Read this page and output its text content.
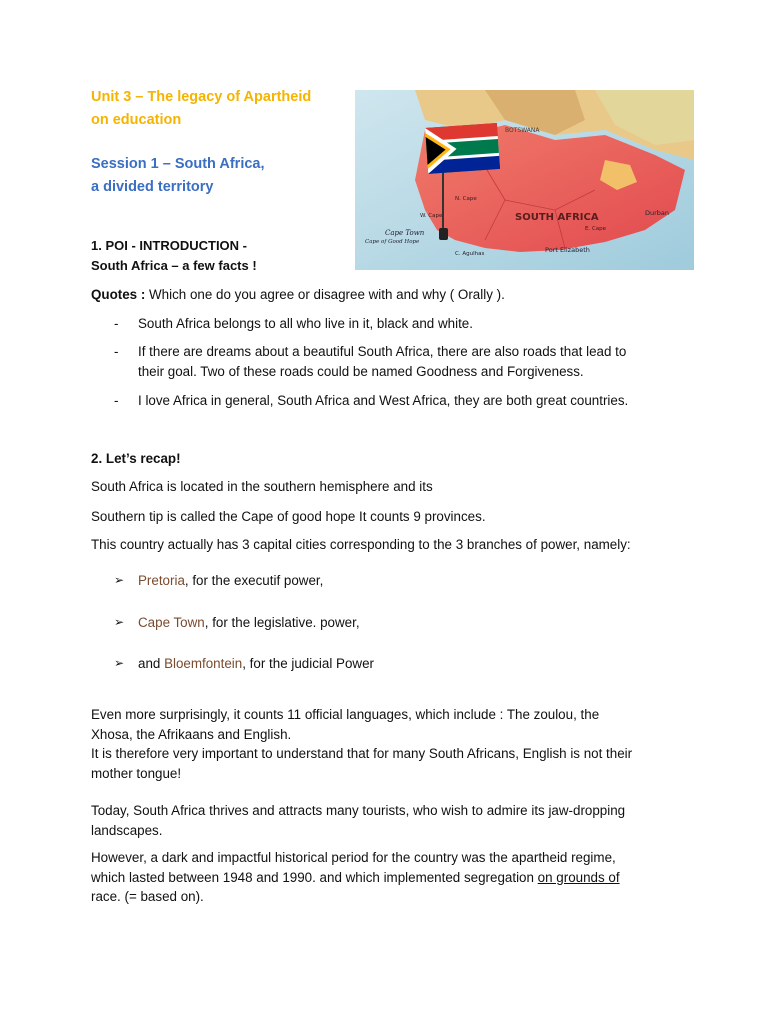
Unit 3 – The legacy of Apartheid
on education
Session 1 – South Africa,
a divided territory
SOUTH AFRICA
BOTSWANA
Cape Town
Cape of Good Hope
Port Elizabeth
Durban
C. Agulhas
N. Cape
W. Cape
E. Cape
1. POI - INTRODUCTION -
South Africa – a few facts !
Quotes : Which one do you agree or disagree with and why ( Orally ).
- South Africa belongs to all who live in it, black and white.
- If there are dreams about a beautiful South Africa, there are also roads that lead to
their goal. Two of these roads could be named Goodness and Forgiveness.
- I love Africa in general, South Africa and West Africa, they are both great countries.
2. Let’s recap!
South Africa is located in the southern hemisphere and its
Southern tip is called the Cape of good hope It counts 9 provinces.
This country actually has 3 capital cities corresponding to the 3 branches of power, namely:
➢ Pretoria, for the executif power,
➢ Cape Town, for the legislative. power,
➢ and Bloemfontein, for the judicial Power
Even more surprisingly, it counts 11 official languages, which include : The zoulou, the
Xhosa, the Afrikaans and English.
It is therefore very important to understand that for many South Africans, English is not their
mother tongue!
Today, South Africa thrives and attracts many tourists, who wish to admire its jaw-dropping
landscapes.
However, a dark and impactful historical period for the country was the apartheid regime,
which lasted between 1948 and 1990. and which implemented segregation on grounds of
race. (= based on).
